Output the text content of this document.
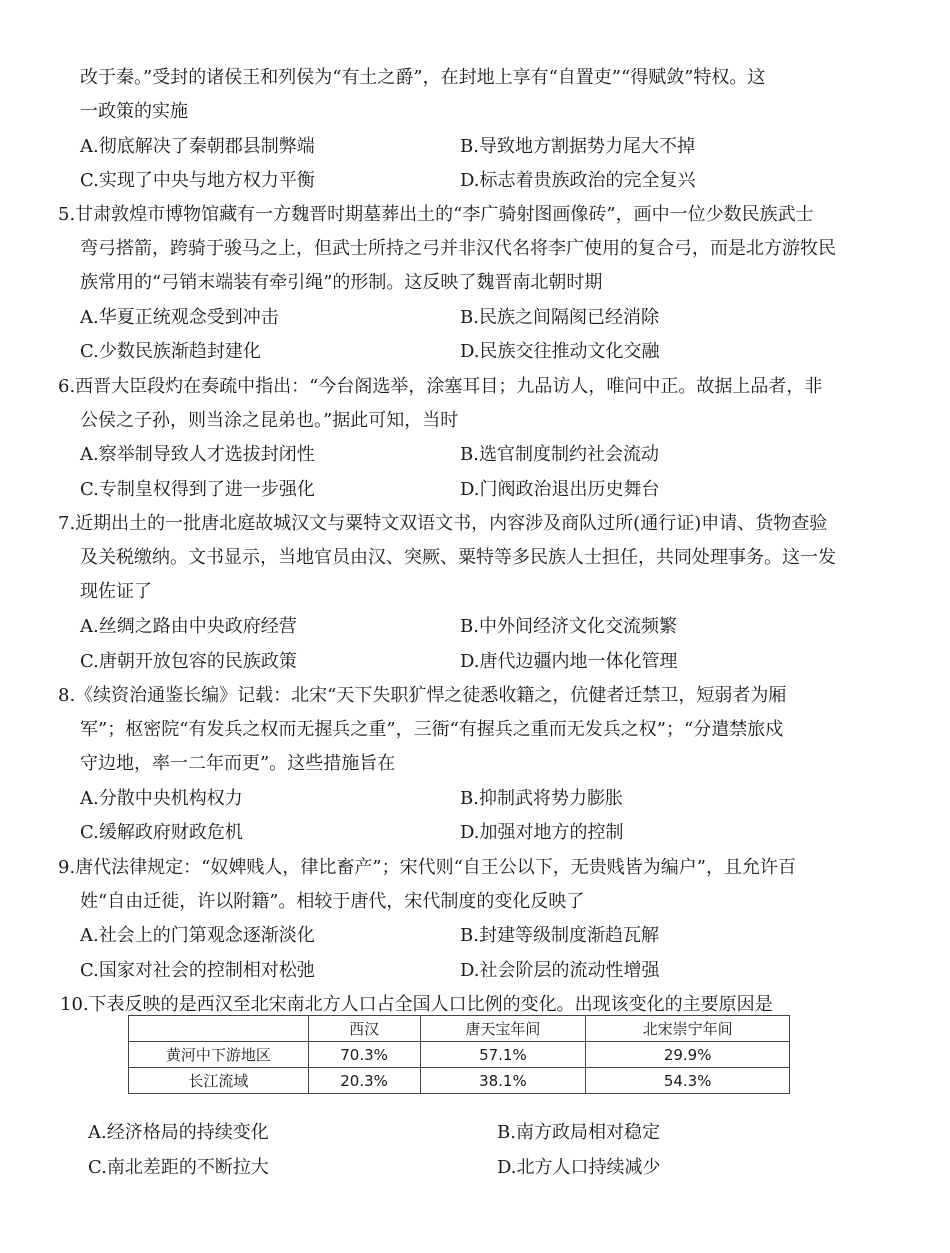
改于秦。”受封的诸侯王和列侯为“有土之爵”，在封地上享有“自置吏”“得赋敛”特权。这
一政策的实施
A.彻底解决了秦朝郡县制弊端	B.导致地方割据势力尾大不掉
C.实现了中央与地方权力平衡	D.标志着贵族政治的完全复兴
5.甘肃敦煌市博物馆藏有一方魏晋时期墓葬出土的“李广骑射图画像砖”，画中一位少数民族武士
弯弓搭箭，跨骑于骏马之上，但武士所持之弓并非汉代名将李广使用的复合弓，而是北方游牧民
族常用的“弓销末端装有牵引绳”的形制。这反映了魏晋南北朝时期
A.华夏正统观念受到冲击	B.民族之间隔阂已经消除
C.少数民族渐趋封建化	D.民族交往推动文化交融
6.西晋大臣段灼在奏疏中指出：“今台阁选举，涂塞耳目；九品访人，唯问中正。故据上品者，非
公侯之子孙，则当涂之昆弟也。”据此可知，当时
A.察举制导致人才选拔封闭性	B.选官制度制约社会流动
C.专制皇权得到了进一步强化	D.门阀政治退出历史舞台
7.近期出土的一批唐北庭故城汉文与粟特文双语文书，内容涉及商队过所(通行证)申请、货物查验
及关税缴纳。文书显示，当地官员由汉、突厥、粟特等多民族人士担任，共同处理事务。这一发
现佐证了
A.丝绸之路由中央政府经营	B.中外间经济文化交流频繁
C.唐朝开放包容的民族政策	D.唐代边疆内地一体化管理
8.《续资治通鉴长编》记载：北宋“天下失职犷悍之徒悉收籍之，伉健者迁禁卫，短弱者为厢
军”；枢密院“有发兵之权而无握兵之重”，三衙“有握兵之重而无发兵之权”；“分遣禁旅戍
守边地，率一二年而更”。这些措施旨在
A.分散中央机构权力	B.抑制武将势力膨胀
C.缓解政府财政危机	D.加强对地方的控制
9.唐代法律规定：“奴婢贱人，律比畜产”；宋代则“自王公以下，无贵贱皆为编户”，且允许百
姓“自由迁徙，许以附籍”。相较于唐代，宋代制度的变化反映了
A.社会上的门第观念逐渐淡化	B.封建等级制度渐趋瓦解
C.国家对社会的控制相对松弛	D.社会阶层的流动性增强
10.下表反映的是西汉至北宋南北方人口占全国人口比例的变化。出现该变化的主要原因是
	西汉	唐天宝年间	北宋崇宁年间
黄河中下游地区	70.3%	57.1%	29.9%
长江流域	20.3%	38.1%	54.3%
A.经济格局的持续变化	B.南方政局相对稳定
C.南北差距的不断拉大	D.北方人口持续减少
